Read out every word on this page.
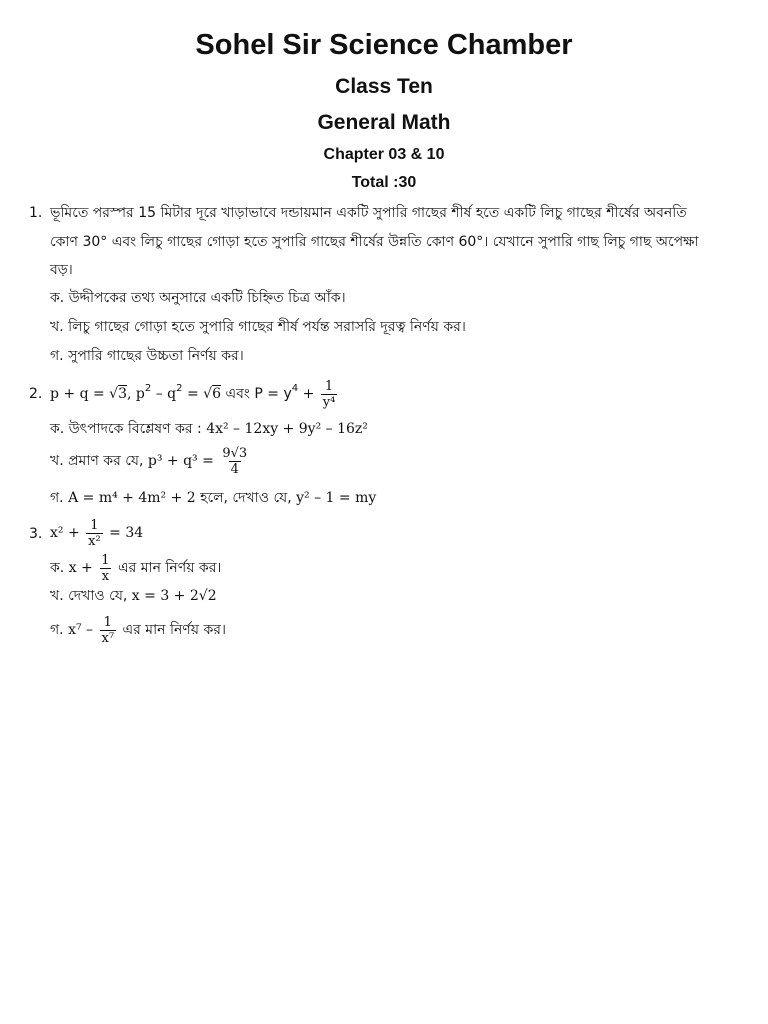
Sohel Sir Science Chamber
Class Ten
General Math
Chapter 03 & 10
Total :30
1. ভূমিতে পরস্পর 15 মিটার দূরে খাড়াভাবে দন্ডায়মান একটি সুপারি গাছের শীর্ষ হতে একটি লিচু গাছের শীর্ষের অবনতি
কোণ 30° এবং লিচু গাছের গোড়া হতে সুপারি গাছের শীর্ষের উন্নতি কোণ 60°। যেখানে সুপারি গাছ লিচু গাছ অপেক্ষা
বড়।
ক. উদ্দীপকের তথ্য অনুসারে একটি চিহ্নিত চিত্র আঁক।
খ. লিচু গাছের গোড়া হতে সুপারি গাছের শীর্ষ পর্যন্ত সরাসরি দূরত্ব নির্ণয় কর।
গ. সুপারি গাছের উচ্চতা নির্ণয় কর।
2. p + q = √3, $p^2 - q^2 = √6$ এবং $P = y^4 + \frac{1}{\text{y⁴}}$
ক. উৎপাদকে বিশ্লেষণ কর : 4x² – 12xy + 9y² – 16z²
খ. প্রমাণ কর যে, $p^3 + q^3 = \frac{9√3}{4}$
গ. A = m⁴ + 4m² + 2 হলে, দেখাও যে, y² – 1 = my
3. $x^2 + \frac{1}{\text{x²}} = 34$
ক. $x + \frac{1}{x}$ এর মান নির্ণয় কর।
খ. দেখাও যে, x = 3 + 2√2
গ. $x^7 - \frac{1}{\text{x⁷}}$ এর মান নির্ণয় কর।
